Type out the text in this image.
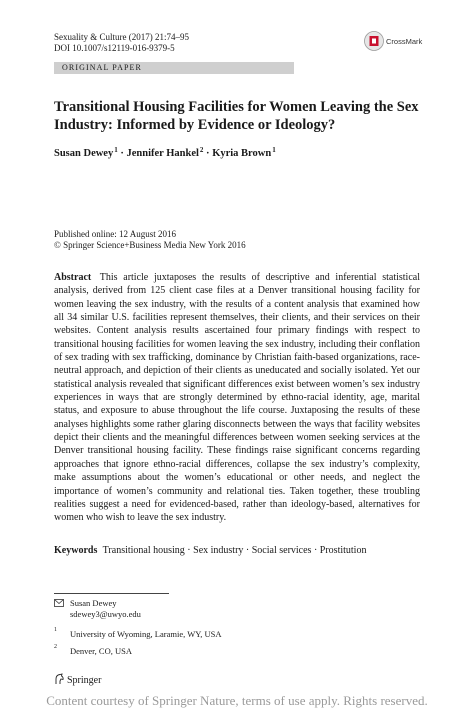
Sexuality & Culture (2017) 21:74–95
DOI 10.1007/s12119-016-9379-5
CrossMark
ORIGINAL PAPER
Transitional Housing Facilities for Women Leaving the Sex Industry: Informed by Evidence or Ideology?
Susan Dewey$^1$ · Jennifer Hankel$^2$ · Kyria Brown$^1$
Published online: 12 August 2016
© Springer Science+Business Media New York 2016
Abstract This article juxtaposes the results of descriptive and inferential statistical analysis, derived from 125 client case files at a Denver transitional housing facility for women leaving the sex industry, with the results of a content analysis that examined how all 34 similar U.S. facilities represent themselves, their clients, and their services on their websites. Content analysis results ascertained four primary findings with respect to transitional housing facilities for women leaving the sex industry, including their conflation of sex trading with sex trafficking, dominance by Christian faith-based organizations, race-neutral approach, and depiction of their clients as uneducated and socially isolated. Yet our statistical analysis revealed that significant differences exist between women’s sex industry experiences in ways that are strongly determined by ethno-racial identity, age, marital status, and exposure to abuse throughout the life course. Juxtaposing the results of these analyses highlights some rather glaring disconnects between the ways that facility websites depict their clients and the meaningful differences between women seeking services at the Denver transitional housing facility. These findings raise significant concerns regarding approaches that ignore ethno-racial differences, collapse the sex industry’s complexity, make assumptions about the women’s educational or other needs, and neglect the importance of women’s community and relational ties. Taken together, these troubling realities suggest a need for evidenced-based, rather than ideology-based, alternatives for women who wish to leave the sex industry.
Keywords Transitional housing · Sex industry · Social services · Prostitution
Susan Dewey
sdewey3@uwyo.edu
1 University of Wyoming, Laramie, WY, USA
2 Denver, CO, USA
Springer
Content courtesy of Springer Nature, terms of use apply. Rights reserved.
